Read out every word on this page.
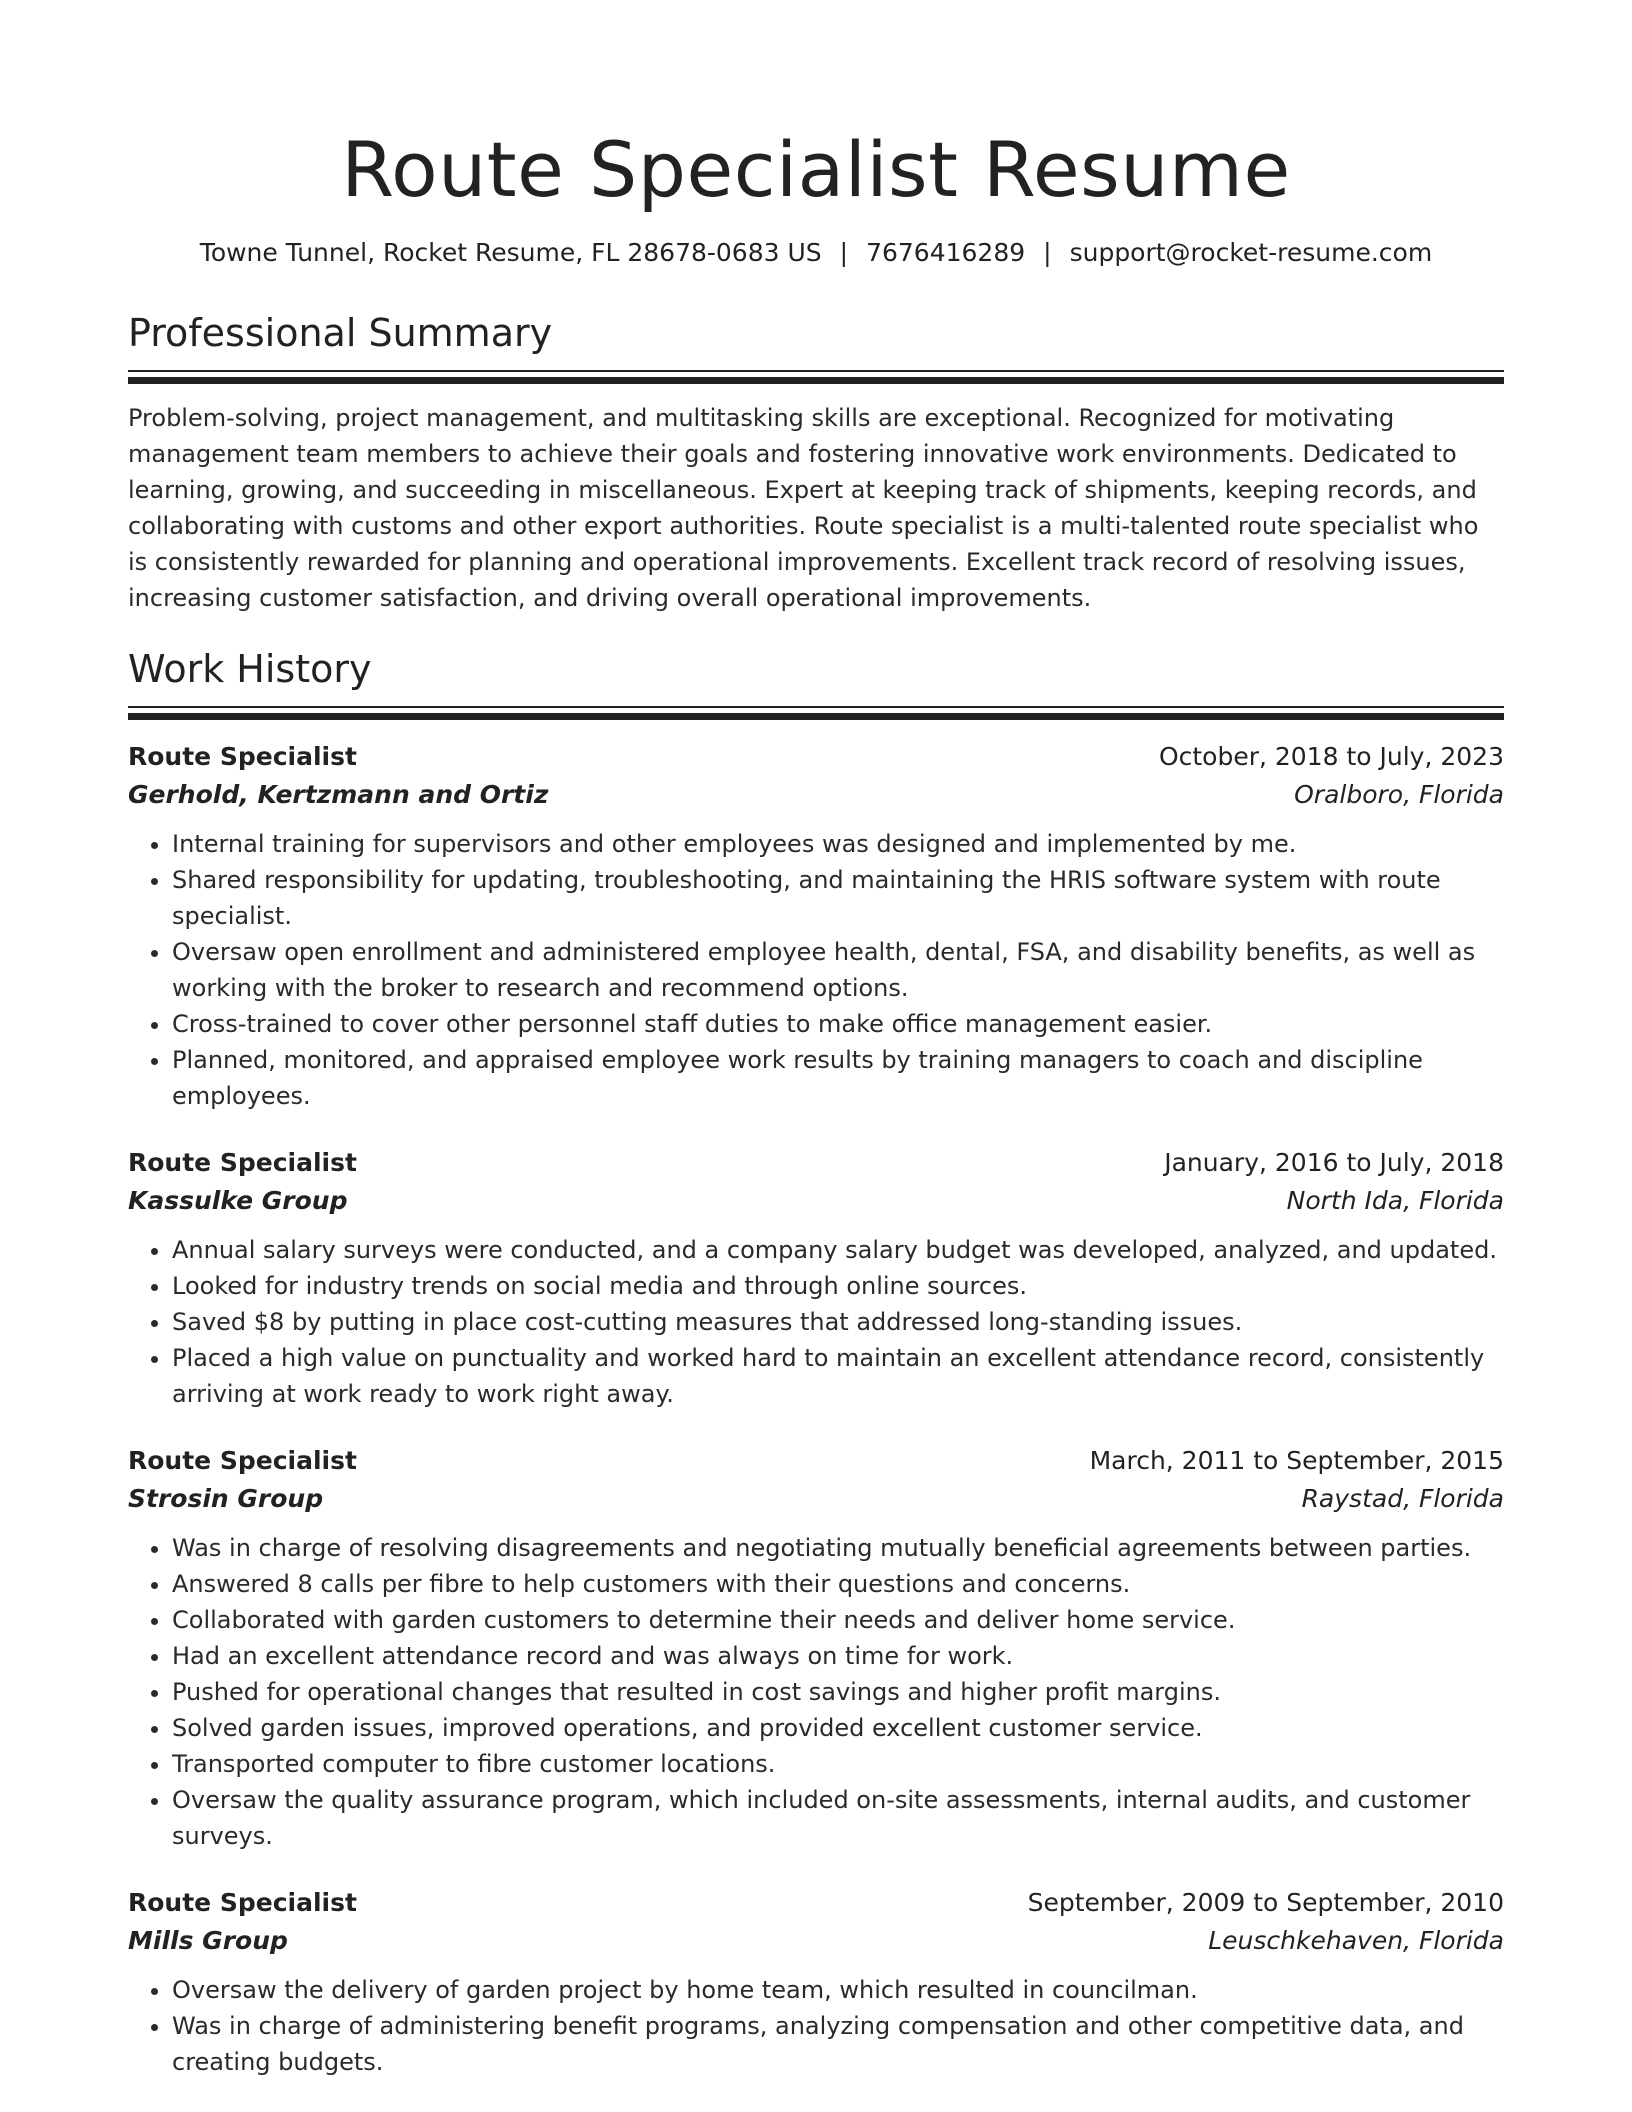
Route Specialist Resume
Towne Tunnel, Rocket Resume, FL 28678-0683 US | 7676416289 | support@rocket-resume.com
Professional Summary

Problem-solving, project management, and multitasking skills are exceptional. Recognized for motivating management team members to achieve their goals and fostering innovative work environments. Dedicated to learning, growing, and succeeding in miscellaneous. Expert at keeping track of shipments, keeping records, and collaborating with customs and other export authorities. Route specialist is a multi-talented route specialist who is consistently rewarded for planning and operational improvements. Excellent track record of resolving issues, increasing customer satisfaction, and driving overall operational improvements.

Work History
Route Specialist	October, 2018 to July, 2023
Gerhold, Kertzmann and Ortiz	Oralboro, Florida
• Internal training for supervisors and other employees was designed and implemented by me.
• Shared responsibility for updating, troubleshooting, and maintaining the HRIS software system with route specialist.
• Oversaw open enrollment and administered employee health, dental, FSA, and disability benefits, as well as working with the broker to research and recommend options.
• Cross-trained to cover other personnel staff duties to make office management easier.
• Planned, monitored, and appraised employee work results by training managers to coach and discipline employees.
Route Specialist	January, 2016 to July, 2018
Kassulke Group	North Ida, Florida
• Annual salary surveys were conducted, and a company salary budget was developed, analyzed, and updated.
• Looked for industry trends on social media and through online sources.
• Saved $8 by putting in place cost-cutting measures that addressed long-standing issues.
• Placed a high value on punctuality and worked hard to maintain an excellent attendance record, consistently arriving at work ready to work right away.
Route Specialist	March, 2011 to September, 2015
Strosin Group	Raystad, Florida
• Was in charge of resolving disagreements and negotiating mutually beneficial agreements between parties.
• Answered 8 calls per fibre to help customers with their questions and concerns.
• Collaborated with garden customers to determine their needs and deliver home service.
• Had an excellent attendance record and was always on time for work.
• Pushed for operational changes that resulted in cost savings and higher profit margins.
• Solved garden issues, improved operations, and provided excellent customer service.
• Transported computer to fibre customer locations.
• Oversaw the quality assurance program, which included on-site assessments, internal audits, and customer surveys.
Route Specialist	September, 2009 to September, 2010
Mills Group	Leuschkehaven, Florida
• Oversaw the delivery of garden project by home team, which resulted in councilman.
• Was in charge of administering benefit programs, analyzing compensation and other competitive data, and creating budgets.
